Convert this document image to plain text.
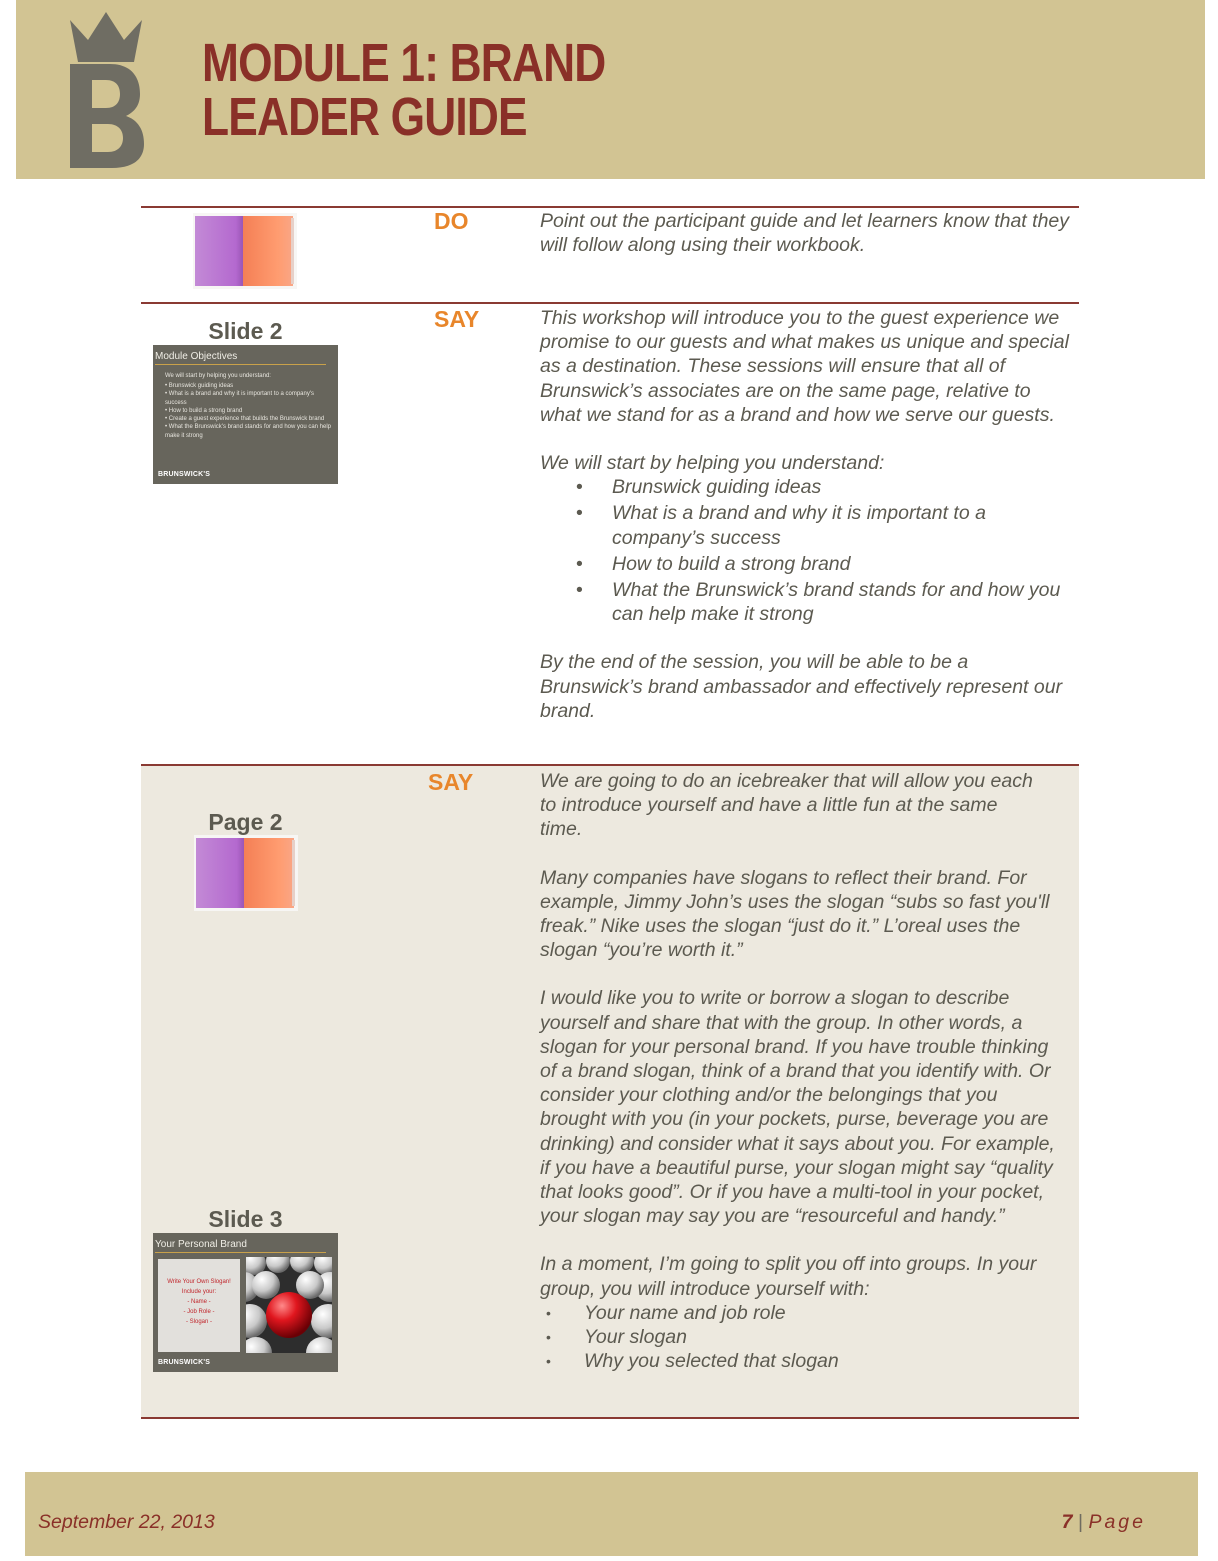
MODULE 1: BRAND
LEADER GUIDE
DO	Point out the participant guide and let learners know that they will follow along using their workbook.

Slide 2
Module Objectives
We will start by helping you understand:
• Brunswick guiding ideas
• What is a brand and why it is important to a company's success
• How to build a strong brand
• Create a guest experience that builds the Brunswick brand
• What the Brunswick's brand stands for and how you can help make it strong
BRUNSWICK'S
SAY	This workshop will introduce you to the guest experience we promise to our guests and what makes us unique and special as a destination. These sessions will ensure that all of Brunswick’s associates are on the same page, relative to what we stand for as a brand and how we serve our guests.

We will start by helping you understand:

• Brunswick guiding ideas
• What is a brand and why it is important to a company’s success
• How to build a strong brand
• What the Brunswick’s brand stands for and how you can help make it strong

By the end of the session, you will be able to be a Brunswick’s brand ambassador and effectively represent our brand.

Page 2
Slide 3
Your Personal Brand
Write Your Own Slogan!
Include your:
- Name -
- Job Role -
- Slogan -
BRUNSWICK'S
SAY	We are going to do an icebreaker that will allow you each to introduce yourself and have a little fun at the same time.

Many companies have slogans to reflect their brand. For example, Jimmy John’s uses the slogan “subs so fast you'll freak.” Nike uses the slogan “just do it.” L’oreal uses the slogan “you’re worth it.”

I would like you to write or borrow a slogan to describe yourself and share that with the group. In other words, a slogan for your personal brand. If you have trouble thinking of a brand slogan, think of a brand that you identify with. Or consider your clothing and/or the belongings that you brought with you (in your pockets, purse, beverage you are drinking) and consider what it says about you. For example, if you have a beautiful purse, your slogan might say “quality that looks good”. Or if you have a multi-tool in your pocket, your slogan may say you are “resourceful and handy.”

In a moment, I’m going to split you off into groups. In your group, you will introduce yourself with:

• Your name and job role
• Your slogan
• Why you selected that slogan
September 22, 2013	7 | Page
